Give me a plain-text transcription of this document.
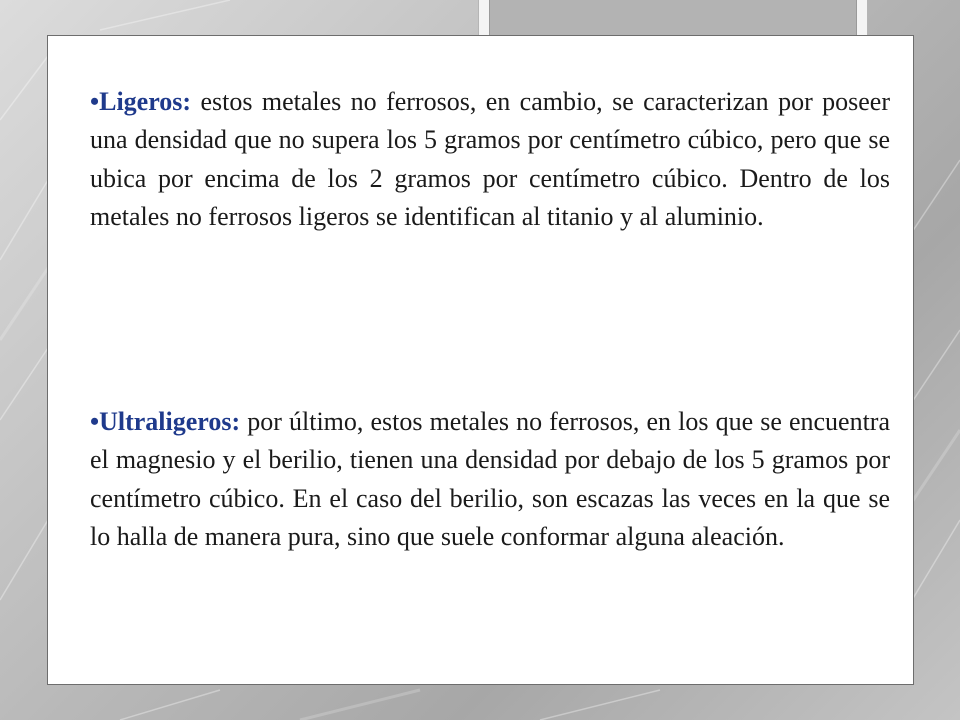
•Ligeros: estos metales no ferrosos, en cambio, se caracterizan por poseer una densidad que no supera los 5 gramos por centímetro cúbico, pero que se ubica por encima de los 2 gramos por centímetro cúbico. Dentro de los metales no ferrosos ligeros se identifican al titanio y al aluminio.

•Ultraligeros: por último, estos metales no ferrosos, en los que se encuentra el magnesio y el berilio, tienen una densidad por debajo de los 5 gramos por centímetro cúbico. En el caso del berilio, son escazas las veces en la que se lo halla de manera pura, sino que suele conformar alguna aleación.
